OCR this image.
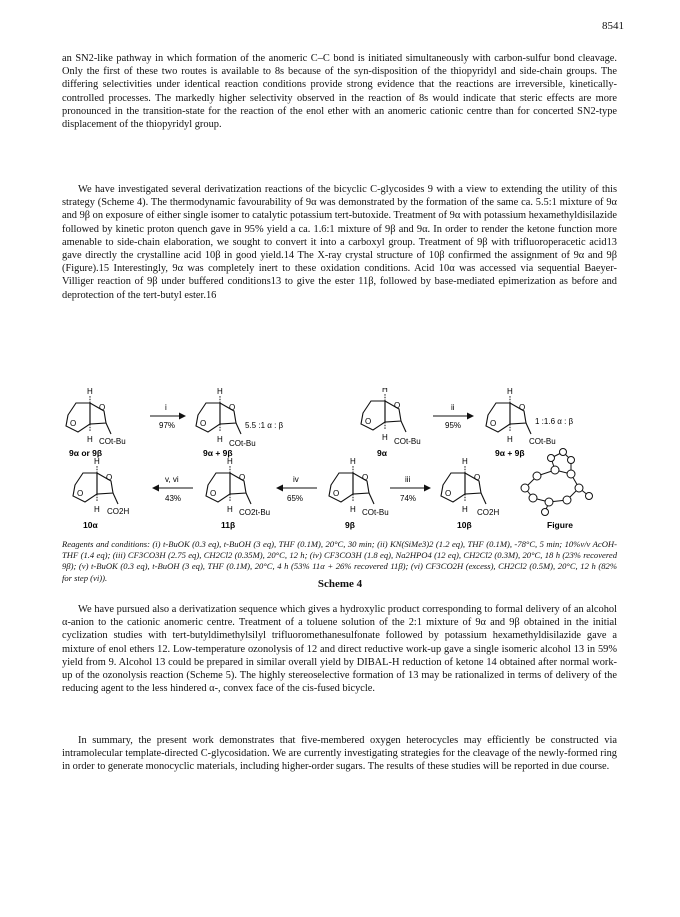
8541

an SN2-like pathway in which formation of the anomeric C–C bond is initiated simultaneously with carbon-sulfur bond cleavage. Only the first of these two routes is available to 8s because of the syn-disposition of the thiopyridyl and side-chain groups. The differing selectivities under identical reaction conditions provide strong evidence that the reactions are irreversible, kinetically-controlled processes. The markedly higher selectivity observed in the reaction of 8s would indicate that steric effects are more pronounced in the transition-state for the reaction of the enol ether with an anomeric cationic centre than for concerted SN2-type displacement of the thiopyridyl group.

We have investigated several derivatization reactions of the bicyclic C-glycosides 9 with a view to extending the utility of this strategy (Scheme 4). The thermodynamic favourability of 9α was demonstrated by the formation of the same ca. 5.5:1 mixture of 9α and 9β on exposure of either single isomer to catalytic potassium tert-butoxide. Treatment of 9α with potassium hexamethyldisilazide followed by kinetic proton quench gave in 95% yield a ca. 1.6:1 mixture of 9β and 9α. In order to render the ketone function more amenable to side-chain elaboration, we sought to convert it into a carboxyl group. Treatment of 9β with trifluoroperacetic acid13 gave directly the crystalline acid 10β in good yield.14 The X-ray crystal structure of 10β confirmed the assignment of 9α and 9β (Figure).15 Interestingly, 9α was completely inert to these oxidation conditions. Acid 10α was accessed via sequential Baeyer-Villiger reaction of 9β under buffered conditions13 to give the ester 11β, followed by base-mediated epimerization as before and deprotection of the tert-butyl ester.16

H
O
O
H COt-Bu
9α or 9β
i
97%
H
O
O
H COt-Bu
5.5 :1 α : β
9α + 9β
H
O
O
H COt-Bu
9α
ii
95%
H
O
O
H COt-Bu
1 :1.6 α : β
9α + 9β
H
O
O
H CO2H
10α
v, vi
43%
H
O
O
H CO2t-Bu
11β
iv
65%
H
O
O
H COt-Bu
9β
iii
74%
H
O
O
H CO2H
10β	Figure

Reagents and conditions: (i) t-BuOK (0.3 eq), t-BuOH (3 eq), THF (0.1M), 20°C, 30 min; (ii) KN(SiMe3)2 (1.2 eq), THF (0.1M), -78°C, 5 min; 10%v/v AcOH-THF (1.4 eq); (iii) CF3CO3H (2.75 eq), CH2Cl2 (0.35M), 20°C, 12 h; (iv) CF3CO3H (1.8 eq), Na2HPO4 (12 eq), CH2Cl2 (0.3M), 20°C, 18 h (23% recovered 9β); (v) t-BuOK (0.3 eq), t-BuOH (3 eq), THF (0.1M), 20°C, 4 h (53% 11α + 26% recovered 11β); (vi) CF3CO2H (excess), CH2Cl2 (0.5M), 20°C, 12 h (82% for step (vi)).

Scheme 4

We have pursued also a derivatization sequence which gives a hydroxylic product corresponding to formal delivery of an alcohol α-anion to the cationic anomeric centre. Treatment of a toluene solution of the 2:1 mixture of 9α and 9β obtained in the initial cyclization studies with tert-butyldimethylsilyl trifluoromethanesulfonate followed by potassium hexamethyldisilazide gave a mixture of enol ethers 12. Low-temperature ozonolysis of 12 and direct reductive work-up gave a single isomeric alcohol 13 in 59% yield from 9. Alcohol 13 could be prepared in similar overall yield by DIBAL-H reduction of ketone 14 obtained after normal work-up of the ozonolysis reaction (Scheme 5). The highly stereoselective formation of 13 may be rationalized in terms of delivery of the reducing agent to the less hindered α-, convex face of the cis-fused bicycle.

In summary, the present work demonstrates that five-membered oxygen heterocycles may efficiently be constructed via intramolecular template-directed C-glycosidation. We are currently investigating strategies for the cleavage of the newly-formed ring in order to generate monocyclic materials, including higher-order sugars. The results of these studies will be reported in due course.
